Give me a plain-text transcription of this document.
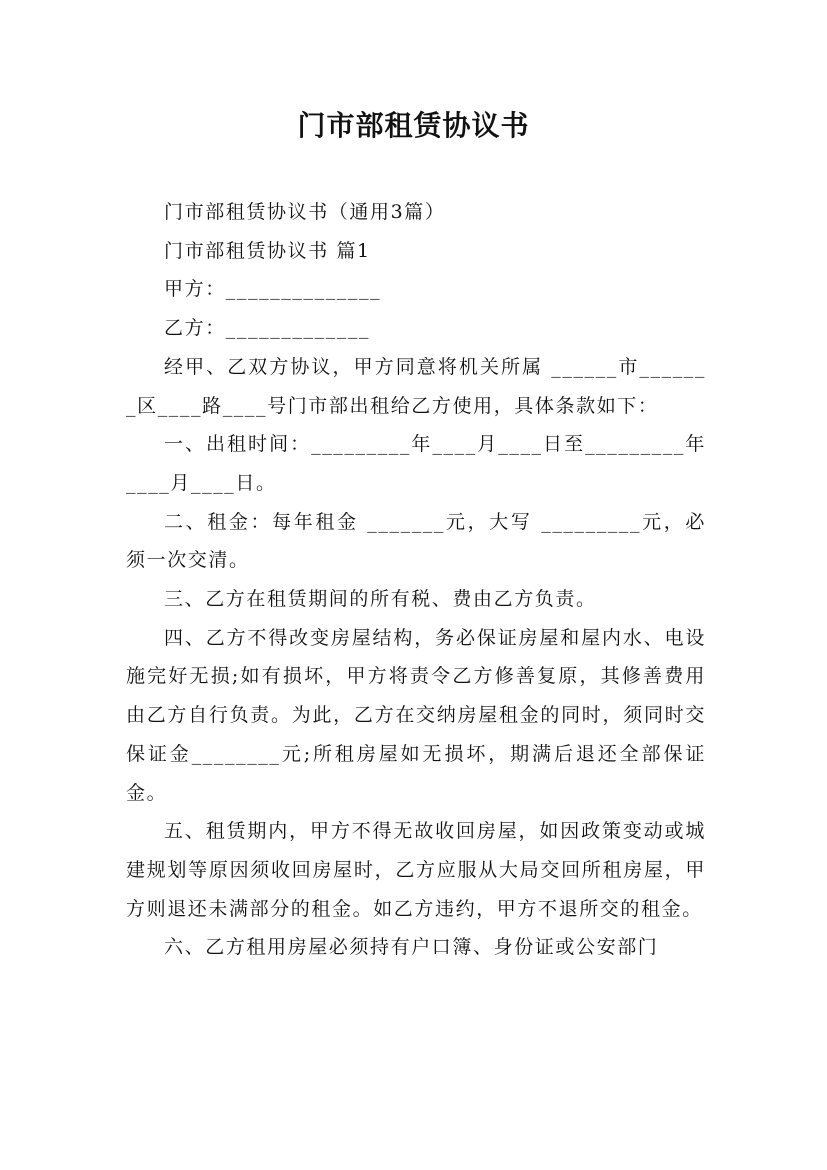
门市部租赁协议书

门市部租赁协议书（通用3篇）

门市部租赁协议书 篇1

甲方：______________

乙方：_____________

经甲、乙双方协议，甲方同意将机关所属 ______市_______区____路____号门市部出租给乙方使用，具体条款如下：

一、出租时间：_________年____月____日至_________年____月____日。

二、租金：每年租金 _______元，大写 _________元，必须一次交清。

三、乙方在租赁期间的所有税、费由乙方负责。

四、乙方不得改变房屋结构，务必保证房屋和屋内水、电设施完好无损;如有损坏，甲方将责令乙方修善复原，其修善费用由乙方自行负责。为此，乙方在交纳房屋租金的同时，须同时交保证金________元;所租房屋如无损坏，期满后退还全部保证金。

五、租赁期内，甲方不得无故收回房屋，如因政策变动或城建规划等原因须收回房屋时，乙方应服从大局交回所租房屋，甲方则退还未满部分的租金。如乙方违约，甲方不退所交的租金。

六、乙方租用房屋必须持有户口簿、身份证或公安部门
